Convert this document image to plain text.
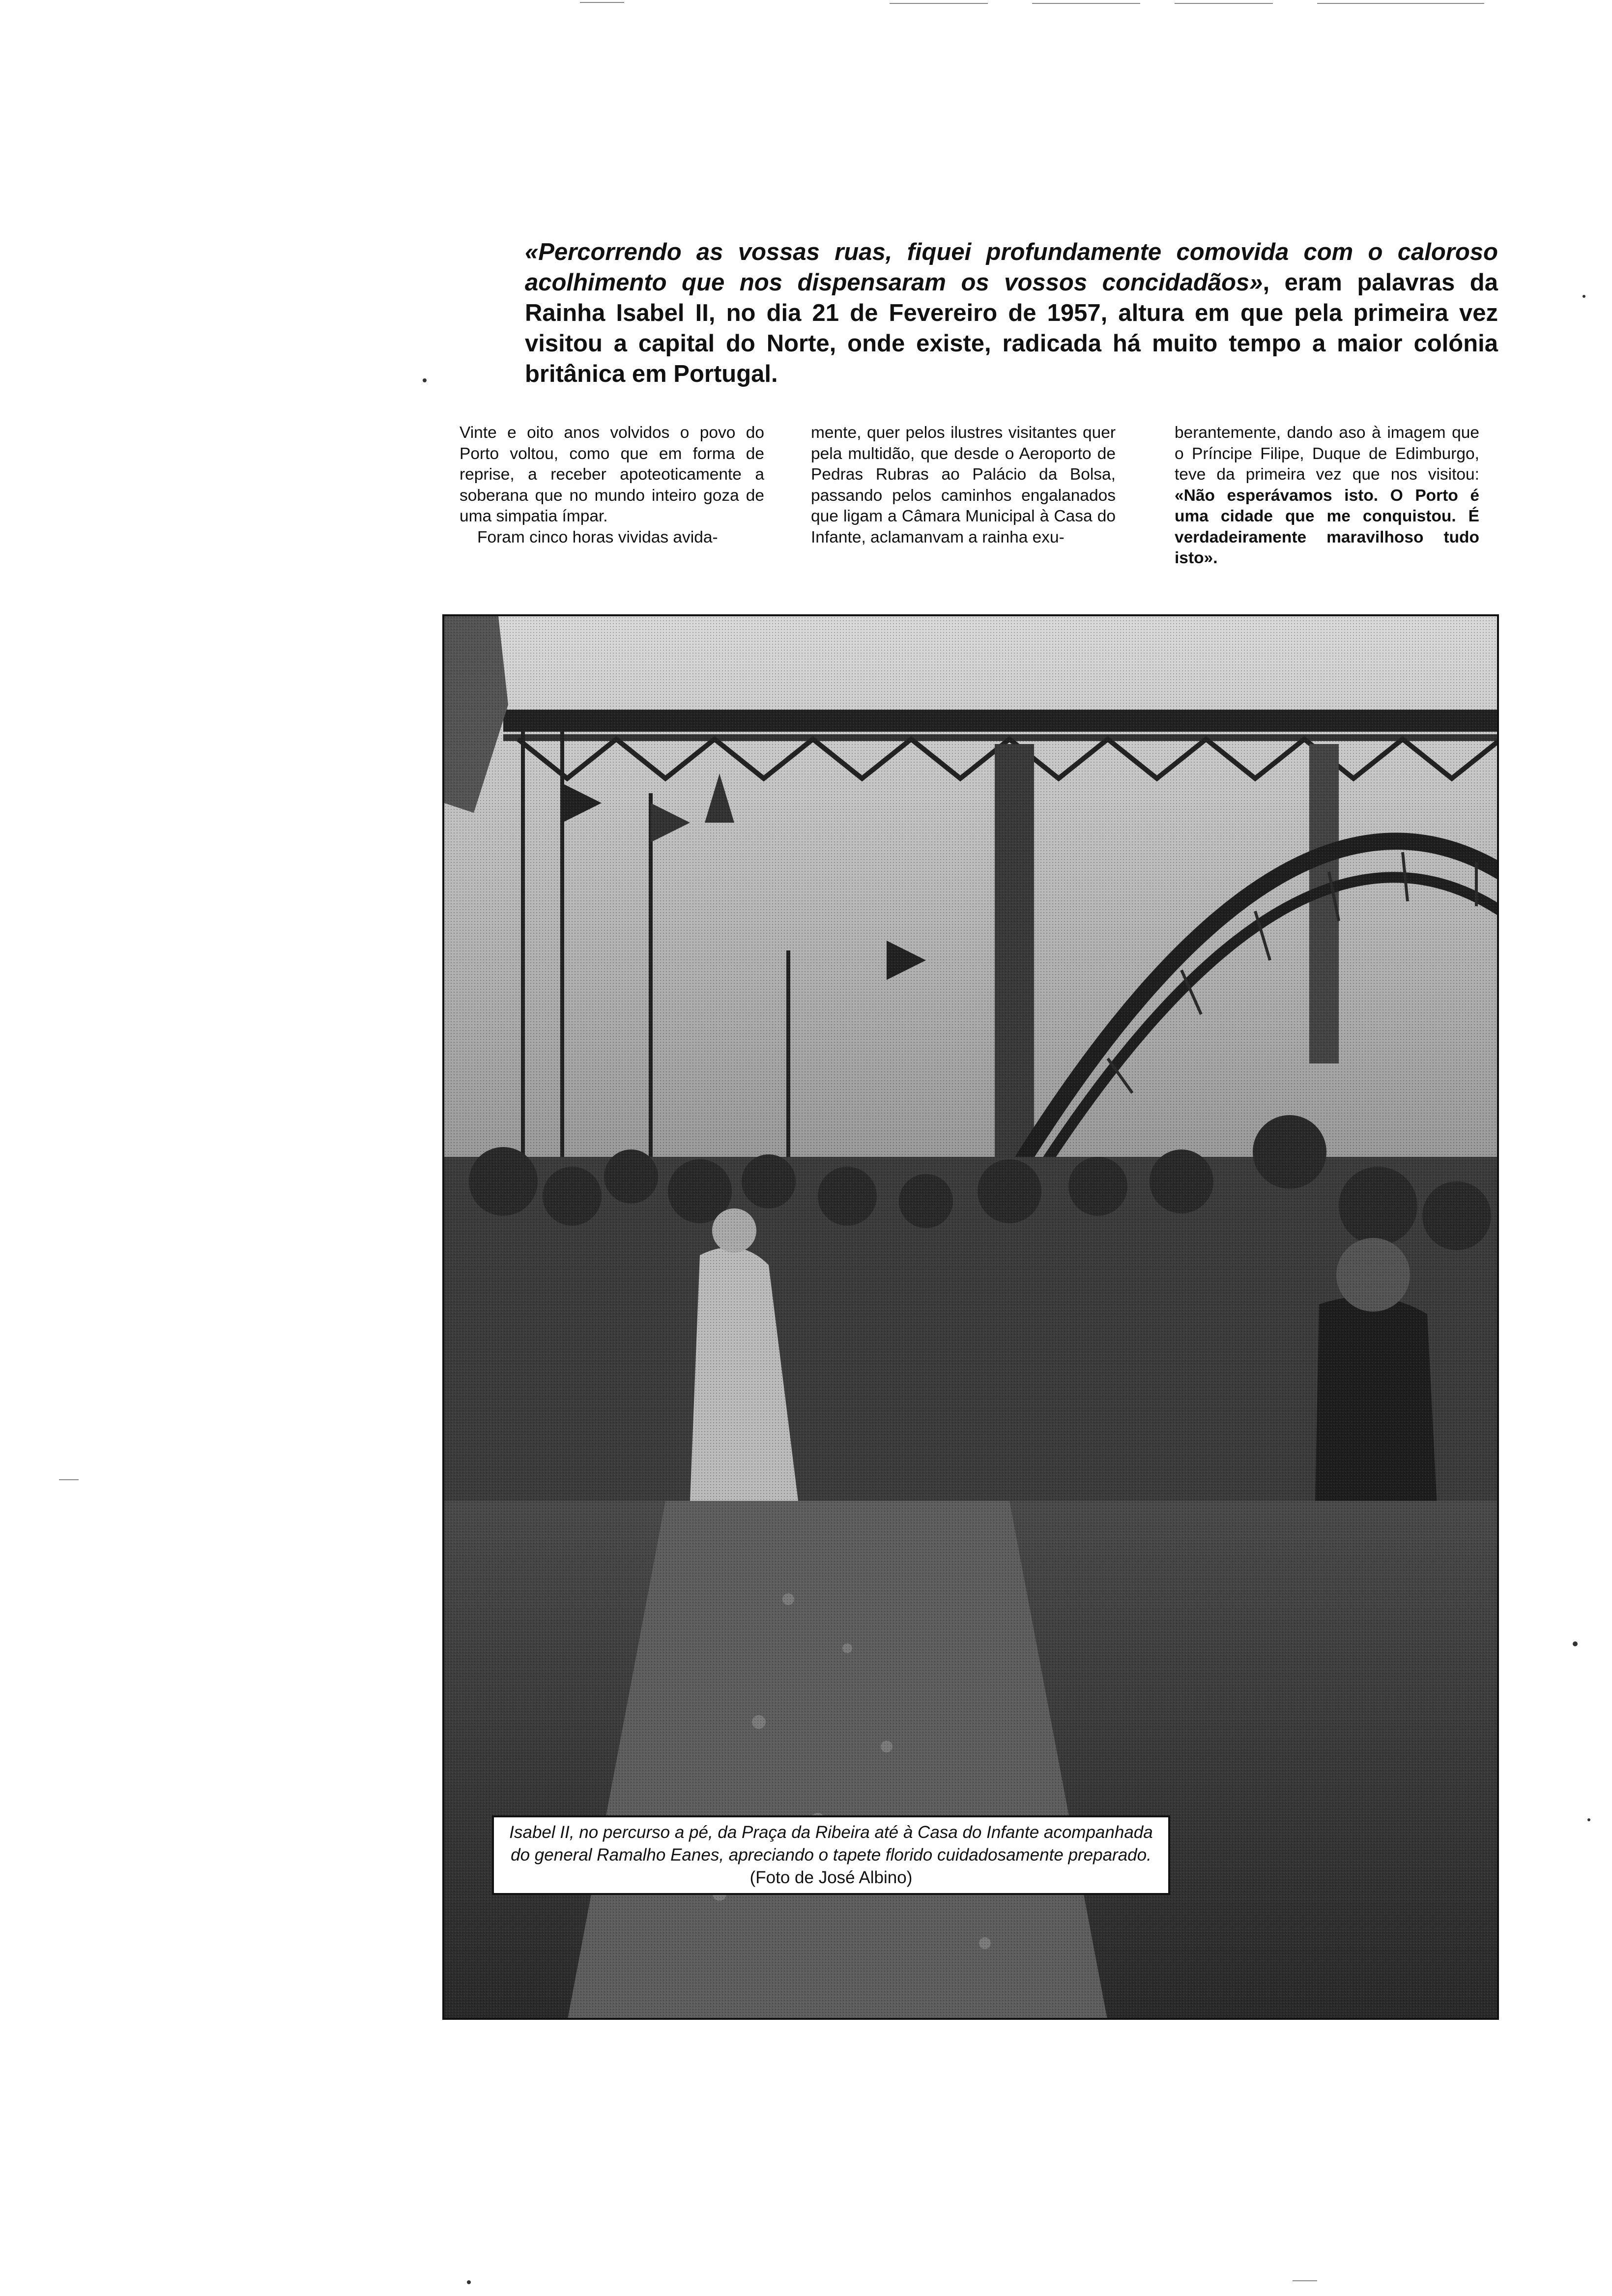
«Percorrendo as vossas ruas, fiquei profundamente comovida com o caloroso acolhimento que nos dispensaram os vossos concidadãos», eram palavras da Rainha Isabel II, no dia 21 de Fevereiro de 1957, altura em que pela primeira vez visitou a capital do Norte, onde existe, radicada há muito tempo a maior colónia britânica em Portugal.

Vinte e oito anos volvidos o povo do Porto voltou, como que em forma de reprise, a receber apoteoticamente a soberana que no mundo inteiro goza de uma simpatia ímpar.

Foram cinco horas vividas avida-

mente, quer pelos ilustres visitantes quer pela multidão, que desde o Aeroporto de Pedras Rubras ao Palácio da Bolsa, passando pelos caminhos engalanados que ligam a Câmara Municipal à Casa do Infante, aclamanvam a rainha exu-

berantemente, dando aso à imagem que o Príncipe Filipe, Duque de Edimburgo, teve da primeira vez que nos visitou: «Não esperávamos isto. O Porto é uma cidade que me conquistou. É verdadeiramente maravilhoso tudo isto».

Isabel II, no percurso a pé, da Praça da Ribeira até à Casa do Infante acompanhada do general Ramalho Eanes, apreciando o tapete florido cuidadosamente preparado. (Foto de José Albino)
